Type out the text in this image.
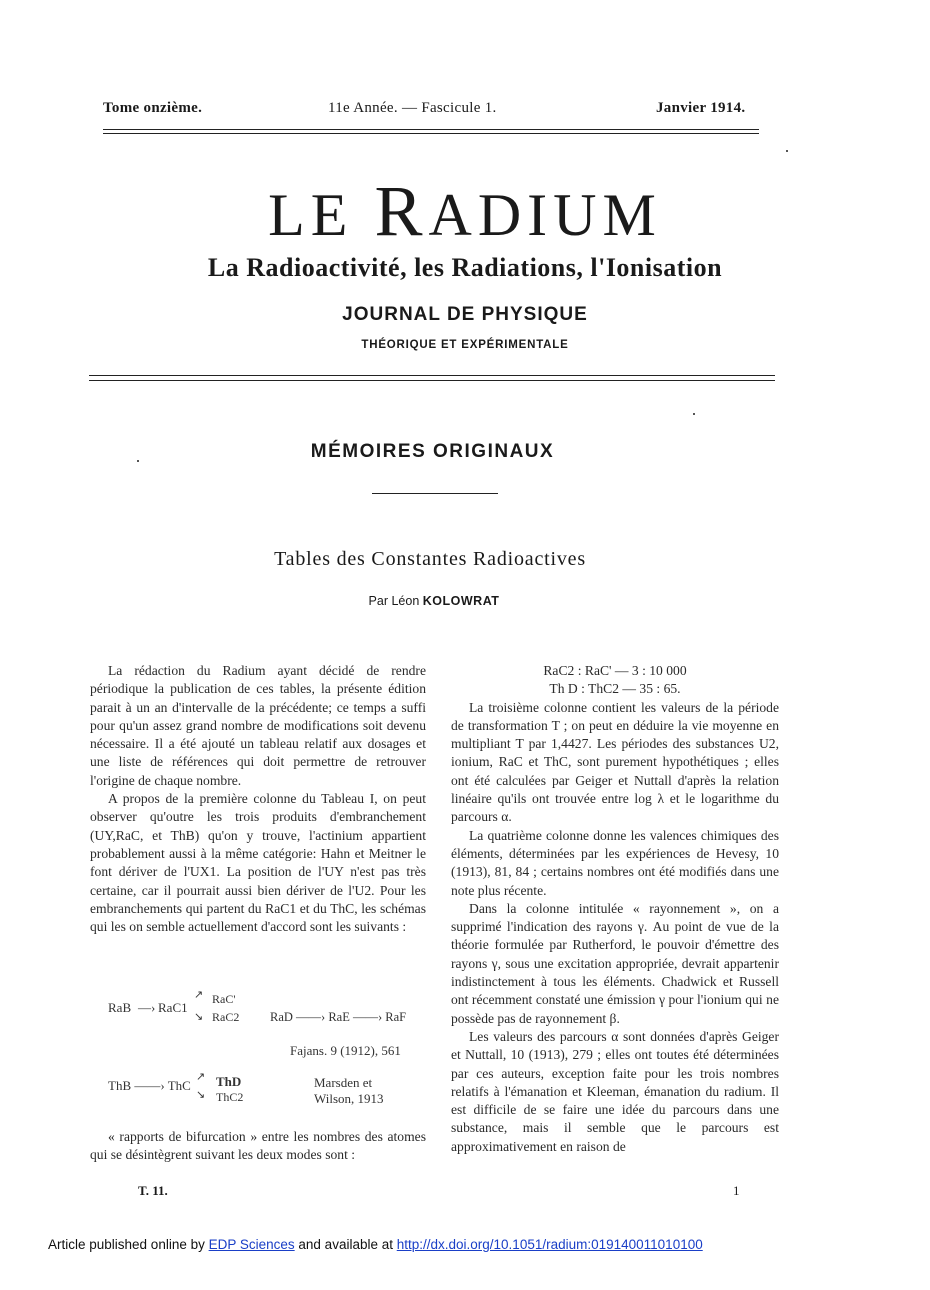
Tome onzième.	11e Année. — Fascicule 1.	Janvier 1914.
LE RADIUM
La Radioactivité, les Radiations, l'Ionisation
JOURNAL DE PHYSIQUE
THÉORIQUE ET EXPÉRIMENTALE
MÉMOIRES ORIGINAUX
Tables des Constantes Radioactives
Par Léon KOLOWRAT

La rédaction du Radium ayant décidé de rendre périodique la publication de ces tables, la présente édition parait à un an d'intervalle de la précédente; ce temps a suffi pour qu'un assez grand nombre de modifications soit devenu nécessaire. Il a été ajouté un tableau relatif aux dosages et une liste de références qui doit permettre de retrouver l'origine de chaque nombre.

A propos de la première colonne du Tableau I, on peut observer qu'outre les trois produits d'embranchement (UY,RaC, et ThB) qu'on y trouve, l'actinium appartient probablement aussi à la même catégorie: Hahn et Meitner le font dériver de l'UX1. La position de l'UY n'est pas très certaine, car il pourrait aussi bien dériver de l'U2. Pour les embranchements qui partent du RaC1 et du ThC, les schémas qui les on semble actuellement d'accord sont les suivants :

RaB —› RaC1
↗
↘
RaC'
RaC2 RaD ——› RaE ——› RaF
Fajans. 9 (1912), 561
ThB ——› ThC
↗
↘
ThD
ThC2
Marsden et
Wilson, 1913

« rapports de bifurcation » entre les nombres des atomes qui se désintègrent suivant les deux modes sont :

RaC2 : RaC' — 3 : 10 000

Th D : ThC2 — 35 : 65.

La troisième colonne contient les valeurs de la période de transformation T ; on peut en déduire la vie moyenne en multipliant T par 1,4427. Les périodes des substances U2, ionium, RaC et ThC, sont purement hypothétiques ; elles ont été calculées par Geiger et Nuttall d'après la relation linéaire qu'ils ont trouvée entre log λ et le logarithme du parcours α.

La quatrième colonne donne les valences chimiques des éléments, déterminées par les expériences de Hevesy, 10 (1913), 81, 84 ; certains nombres ont été modifiés dans une note plus récente.

Dans la colonne intitulée « rayonnement », on a supprimé l'indication des rayons γ. Au point de vue de la théorie formulée par Rutherford, le pouvoir d'émettre des rayons γ, sous une excitation appropriée, devrait appartenir indistinctement à tous les éléments. Chadwick et Russell ont récemment constaté une émission γ pour l'ionium qui ne possède pas de rayonnement β.

Les valeurs des parcours α sont données d'après Geiger et Nuttall, 10 (1913), 279 ; elles ont toutes été déterminées par ces auteurs, exception faite pour les trois nombres relatifs à l'émanation et Kleeman, émanation du radium. Il est difficile de se faire une idée du parcours dans une substance, mais il semble que le parcours est approximativement en raison de

T. 11.	1
Article published online by EDP Sciences and available at http://dx.doi.org/10.1051/radium:019140011010100
